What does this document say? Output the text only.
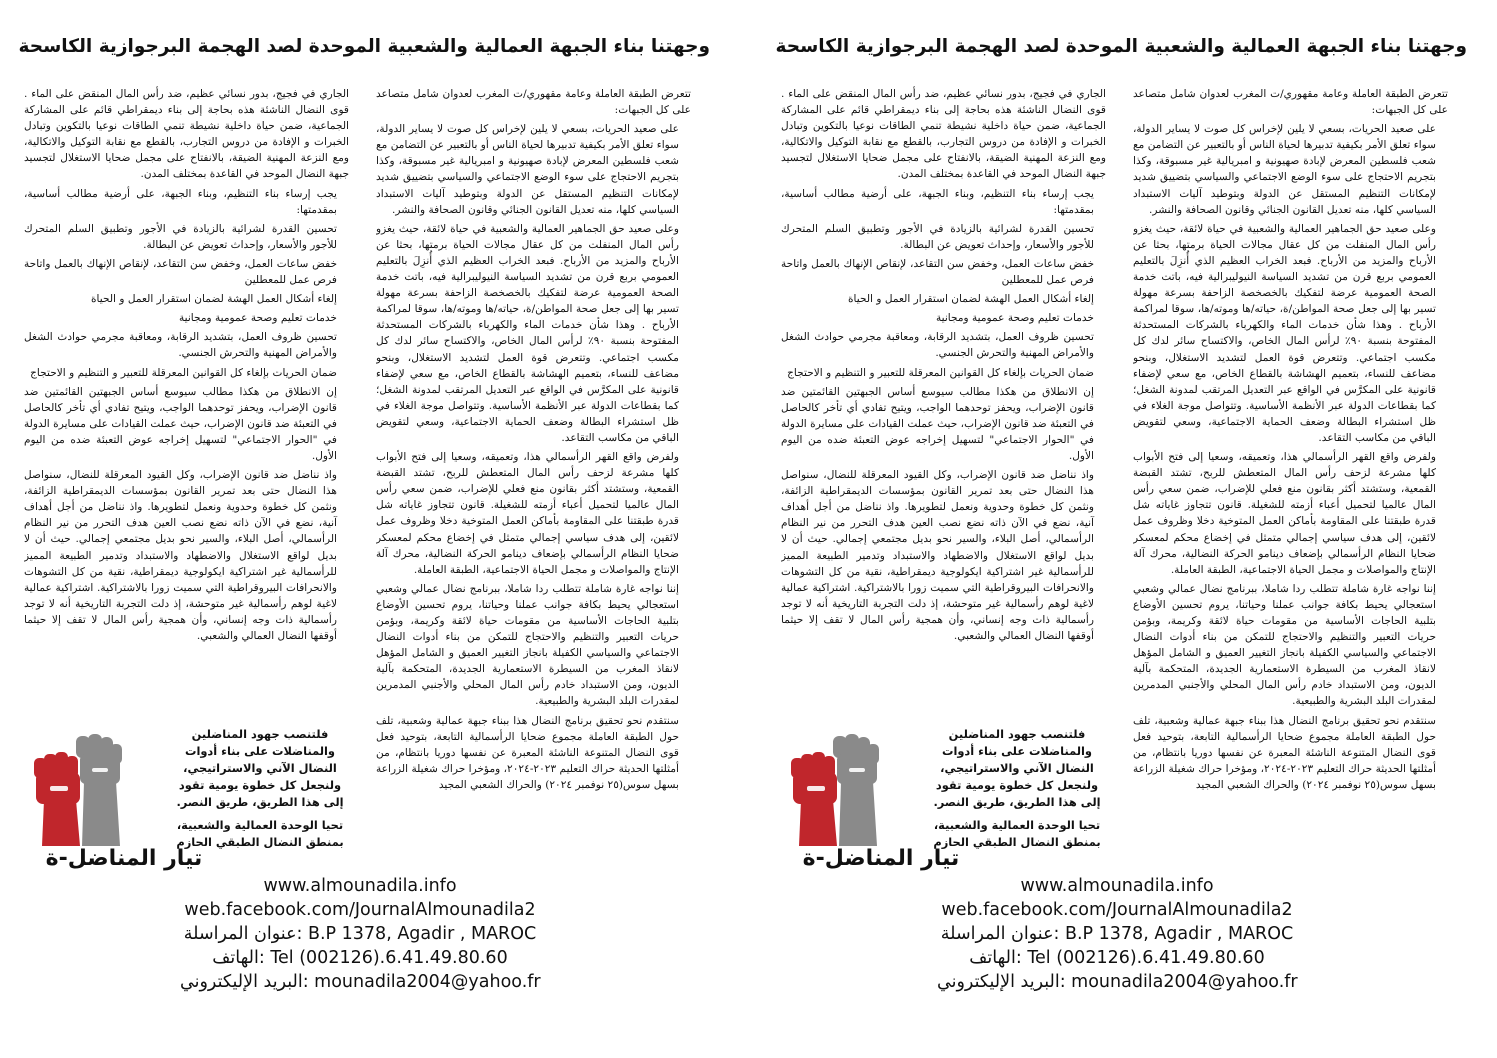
وجهتنا بناء الجبهة العمالية والشعبية الموحدة لصد الهجمة البرجوازية الكاسحة

تتعرض الطبقة العاملة وعامة مقهوري/ت المغرب لعدوان شامل متصاعد على كل الجبهات:

على صعيد الحريات، بسعي لا يلين لإخراس كل صوت لا يساير الدولة، سواء تعلق الأمر بكيفية تدبيرها لحياة الناس أو بالتعبير عن التضامن مع شعب فلسطين المعرض لإبادة صهيونية و امبريالية غير مسبوقة، وكذا بتجريم الاحتجاج على سوء الوضع الاجتماعي والسياسي بتضييق شديد لإمكانات التنظيم المستقل عن الدولة وبتوطيد آليات الاستبداد السياسي كلها، منه تعديل القانون الجنائي وقانون الصحافة والنشر.

وعلى صعيد حق الجماهير العمالية والشعبية في حياة لائقة، حيث يغزو رأس المال المنفلت من كل عقال مجالات الحياة برمتها، بحثا عن الأرباح والمزيد من الأرباح. فبعد الخراب العظيم الذي أُنزِلَ بالتعليم العمومي بربع قرن من تشديد السياسة النيوليبرالية فيه، باتت خدمة الصحة العمومية عرضة لتفكيك بالخصخصة الزاحفة بسرعة مهولة تسير بها إلى جعل صحة المواطن/ة، حياته/ها وموته/ها، سوقا لمراكمة الأرباح . وهذا شأن خدمات الماء والكهرباء بالشركات المستحدثة المفتوحة بنسبة ٩٠٪ لرأس المال الخاص، والاكتساح سائر لدك كل مكسب اجتماعي. وتتعرض قوة العمل لتشديد الاستغلال، وبنحو مضاعف للنساء، بتعميم الهشاشة بالقطاع الخاص، مع سعي لإضفاء قانونية على المكرَّس في الواقع عبر التعديل المرتقب لمدونة الشغل؛ كما بقطاعات الدولة عبر الأنظمة الأساسية. وتتواصل موجة الغلاء في ظل استشراء البطالة وضعف الحماية الاجتماعية، وسعي لتقويض الباقي من مكاسب التقاعد.

ولفرض واقع القهر الرأسمالي هذا، وتعميقه، وسعيا إلى فتح الأبواب كلها مشرعة لزحف رأس المال المتعطش للربح، تشتد القبضة القمعية، وستشتد أكثر بقانون منع فعلي للإضراب، ضمن سعي رأس المال عالميا لتحميل أعباء أزمته للشغيلة. قانون تتجاوز غاياته شل قدرة طبقتنا على المقاومة بأماكن العمل المتوخية دخلا وظروف عمل لائقين، إلى هدف سياسي إجمالي متمثل في إخضاع محكم لمعسكر ضحايا النظام الرأسمالي بإضعاف دينامو الحركة النضالية، محرك آلة الإنتاج والمواصلات و مجمل الحياة الاجتماعية، الطبقة العاملة.

إننا نواجه غارة شاملة تتطلب ردا شاملا، ببرنامج نضال عمالي وشعبي استعجالي يحيط بكافة جوانب عملنا وحياتنا، يروم تحسين الأوضاع بتلبية الحاجات الأساسية من مقومات حياة لائقة وكريمة، وبؤمن حريات التعبير والتنظيم والاحتجاج للتمكن من بناء أدوات النضال الاجتماعي والسياسي الكفيلة بانجاز التغيير العميق و الشامل المؤهل لانقاذ المغرب من السيطرة الاستعمارية الجديدة، المتحكمة بآلية الديون، ومن الاستبداد خادم رأس المال المحلي والأجنبي المدمرين لمقدرات البلد البشرية والطبيعية.

سنتقدم نحو تحقيق برنامج النضال هذا ببناء جبهة عمالية وشعبية، تلف حول الطبقة العاملة مجموع ضحايا الرأسمالية التابعة، بتوحيد فعل قوى النضال المتنوعة الناشئة المعبرة عن نفسها دوريا بانتظام، من أمثلتها الحديثة حراك التعليم ٢٠٢٣-٢٠٢٤، ومؤخرا حراك شغيلة الزراعة بسهل سوس(٢٥ نوفمبر ٢٠٢٤) والحراك الشعبي المجيد

الجاري في فجيج، بدور نسائي عظيم، ضد رأس المال المنقض على الماء . قوى النضال الناشئة هذه بحاجة إلى بناء ديمقراطي قائم على المشاركة الجماعية، ضمن حياة داخلية نشيطة تنمي الطاقات نوعيا بالتكوين وتبادل الخبرات و الإفادة من دروس التجارب، بالقطع مع نقابة التوكيل والاتكالية، ومع النزعة المهنية الضيقة، بالانفتاح على مجمل ضحايا الاستغلال لتجسيد جبهة النضال الموحد في القاعدة بمختلف المدن.

يجب إرساء بناء التنظيم، وبناء الجبهة، على أرضية مطالب أساسية، بمقدمتها:

تحسين القدرة لشرائية بالزيادة في الأجور وتطبيق السلم المتحرك للأجور والأسعار، وإحداث تعويض عن البطالة.

خفض ساعات العمل، وخفض سن التقاعد، لإنقاص الإنهاك بالعمل واتاحة فرص عمل للمعطلين

إلغاء أشكال العمل الهشة لضمان استقرار العمل و الحياة

خدمات تعليم وصحة عمومية ومجانية

تحسين ظروف العمل، بتشديد الرقابة، ومعاقبة مجرمي حوادث الشغل والأمراض المهنية والتحرش الجنسي.

ضمان الحريات بإلغاء كل القوانين المعرقلة للتعبير و التنظيم و الاحتجاج

إن الانطلاق من هكذا مطالب سيوسع أساس الجبهتين القائمتين ضد قانون الإضراب، ويحفز توحدهما الواجب، ويتيح تفادي أي تأخر كالحاصل في التعبئة ضد قانون الإضراب، حيث عملت القيادات على مسايرة الدولة في "الحوار الاجتماعي" لتسهيل إخراجه عوض التعبئة ضده من اليوم الأول.

واذ نناضل ضد قانون الإضراب، وكل القيود المعرقلة للنضال، سنواصل هذا النضال حتى بعد تمرير القانون بمؤسسات الديمقراطية الزائفة، ونثمن كل خطوة وحدوية ونعمل لتطويرها. واذ نناضل من أجل أهداف آنية، نضع في الآن ذاته نضع نصب العين هدف التحرر من نير النظام الرأسمالي، أصل البلاء، والسير نحو بديل مجتمعي إجمالي. حيث أن لا بديل لواقع الاستغلال والاضطهاد والاستبداد وتدمير الطبيعة المميز للرأسمالية غير اشتراكية ايكولوجية ديمقراطية، نقية من كل التشوهات والانحرافات البيروقراطية التي سميت زورا بالاشتراكية. اشتراكية عمالية لاغية لوهم رأسمالية غير متوحشة، إذ دلت التجربة التاريخية أنه لا توجد رأسمالية ذات وجه إنساني، وأن همجية رأس المال لا تقف إلا حيثما أوقفها النضال العمالي والشعبي.

فلتنصب جهود المناضلين

والمناضلات على بناء أدوات

النضال الآني والاستراتيجي،

ولنجعل كل خطوة يومية تقود

إلى هذا الطريق، طريق النصر.

تحيا الوحدة العمالية والشعبية،

بمنطق النضال الطبقي الحازم

تيار المناضل-ة
www.almounadila.info
web.facebook.com/JournalAlmounadila2
عنوان المراسلة: B.P 1378, Agadir , MAROC
الهاتف: Tel (002126).6.41.49.80.60
البريد الإليكتروني: mounadila2004@yahoo.fr
وجهتنا بناء الجبهة العمالية والشعبية الموحدة لصد الهجمة البرجوازية الكاسحة

تتعرض الطبقة العاملة وعامة مقهوري/ت المغرب لعدوان شامل متصاعد على كل الجبهات:

على صعيد الحريات، بسعي لا يلين لإخراس كل صوت لا يساير الدولة، سواء تعلق الأمر بكيفية تدبيرها لحياة الناس أو بالتعبير عن التضامن مع شعب فلسطين المعرض لإبادة صهيونية و امبريالية غير مسبوقة، وكذا بتجريم الاحتجاج على سوء الوضع الاجتماعي والسياسي بتضييق شديد لإمكانات التنظيم المستقل عن الدولة وبتوطيد آليات الاستبداد السياسي كلها، منه تعديل القانون الجنائي وقانون الصحافة والنشر.

وعلى صعيد حق الجماهير العمالية والشعبية في حياة لائقة، حيث يغزو رأس المال المنفلت من كل عقال مجالات الحياة برمتها، بحثا عن الأرباح والمزيد من الأرباح. فبعد الخراب العظيم الذي أُنزِلَ بالتعليم العمومي بربع قرن من تشديد السياسة النيوليبرالية فيه، باتت خدمة الصحة العمومية عرضة لتفكيك بالخصخصة الزاحفة بسرعة مهولة تسير بها إلى جعل صحة المواطن/ة، حياته/ها وموته/ها، سوقا لمراكمة الأرباح . وهذا شأن خدمات الماء والكهرباء بالشركات المستحدثة المفتوحة بنسبة ٩٠٪ لرأس المال الخاص، والاكتساح سائر لدك كل مكسب اجتماعي. وتتعرض قوة العمل لتشديد الاستغلال، وبنحو مضاعف للنساء، بتعميم الهشاشة بالقطاع الخاص، مع سعي لإضفاء قانونية على المكرَّس في الواقع عبر التعديل المرتقب لمدونة الشغل؛ كما بقطاعات الدولة عبر الأنظمة الأساسية. وتتواصل موجة الغلاء في ظل استشراء البطالة وضعف الحماية الاجتماعية، وسعي لتقويض الباقي من مكاسب التقاعد.

ولفرض واقع القهر الرأسمالي هذا، وتعميقه، وسعيا إلى فتح الأبواب كلها مشرعة لزحف رأس المال المتعطش للربح، تشتد القبضة القمعية، وستشتد أكثر بقانون منع فعلي للإضراب، ضمن سعي رأس المال عالميا لتحميل أعباء أزمته للشغيلة. قانون تتجاوز غاياته شل قدرة طبقتنا على المقاومة بأماكن العمل المتوخية دخلا وظروف عمل لائقين، إلى هدف سياسي إجمالي متمثل في إخضاع محكم لمعسكر ضحايا النظام الرأسمالي بإضعاف دينامو الحركة النضالية، محرك آلة الإنتاج والمواصلات و مجمل الحياة الاجتماعية، الطبقة العاملة.

إننا نواجه غارة شاملة تتطلب ردا شاملا، ببرنامج نضال عمالي وشعبي استعجالي يحيط بكافة جوانب عملنا وحياتنا، يروم تحسين الأوضاع بتلبية الحاجات الأساسية من مقومات حياة لائقة وكريمة، وبؤمن حريات التعبير والتنظيم والاحتجاج للتمكن من بناء أدوات النضال الاجتماعي والسياسي الكفيلة بانجاز التغيير العميق و الشامل المؤهل لانقاذ المغرب من السيطرة الاستعمارية الجديدة، المتحكمة بآلية الديون، ومن الاستبداد خادم رأس المال المحلي والأجنبي المدمرين لمقدرات البلد البشرية والطبيعية.

سنتقدم نحو تحقيق برنامج النضال هذا ببناء جبهة عمالية وشعبية، تلف حول الطبقة العاملة مجموع ضحايا الرأسمالية التابعة، بتوحيد فعل قوى النضال المتنوعة الناشئة المعبرة عن نفسها دوريا بانتظام، من أمثلتها الحديثة حراك التعليم ٢٠٢٣-٢٠٢٤، ومؤخرا حراك شغيلة الزراعة بسهل سوس(٢٥ نوفمبر ٢٠٢٤) والحراك الشعبي المجيد

الجاري في فجيج، بدور نسائي عظيم، ضد رأس المال المنقض على الماء . قوى النضال الناشئة هذه بحاجة إلى بناء ديمقراطي قائم على المشاركة الجماعية، ضمن حياة داخلية نشيطة تنمي الطاقات نوعيا بالتكوين وتبادل الخبرات و الإفادة من دروس التجارب، بالقطع مع نقابة التوكيل والاتكالية، ومع النزعة المهنية الضيقة، بالانفتاح على مجمل ضحايا الاستغلال لتجسيد جبهة النضال الموحد في القاعدة بمختلف المدن.

يجب إرساء بناء التنظيم، وبناء الجبهة، على أرضية مطالب أساسية، بمقدمتها:

تحسين القدرة لشرائية بالزيادة في الأجور وتطبيق السلم المتحرك للأجور والأسعار، وإحداث تعويض عن البطالة.

خفض ساعات العمل، وخفض سن التقاعد، لإنقاص الإنهاك بالعمل واتاحة فرص عمل للمعطلين

إلغاء أشكال العمل الهشة لضمان استقرار العمل و الحياة

خدمات تعليم وصحة عمومية ومجانية

تحسين ظروف العمل، بتشديد الرقابة، ومعاقبة مجرمي حوادث الشغل والأمراض المهنية والتحرش الجنسي.

ضمان الحريات بإلغاء كل القوانين المعرقلة للتعبير و التنظيم و الاحتجاج

إن الانطلاق من هكذا مطالب سيوسع أساس الجبهتين القائمتين ضد قانون الإضراب، ويحفز توحدهما الواجب، ويتيح تفادي أي تأخر كالحاصل في التعبئة ضد قانون الإضراب، حيث عملت القيادات على مسايرة الدولة في "الحوار الاجتماعي" لتسهيل إخراجه عوض التعبئة ضده من اليوم الأول.

واذ نناضل ضد قانون الإضراب، وكل القيود المعرقلة للنضال، سنواصل هذا النضال حتى بعد تمرير القانون بمؤسسات الديمقراطية الزائفة، ونثمن كل خطوة وحدوية ونعمل لتطويرها. واذ نناضل من أجل أهداف آنية، نضع في الآن ذاته نضع نصب العين هدف التحرر من نير النظام الرأسمالي، أصل البلاء، والسير نحو بديل مجتمعي إجمالي. حيث أن لا بديل لواقع الاستغلال والاضطهاد والاستبداد وتدمير الطبيعة المميز للرأسمالية غير اشتراكية ايكولوجية ديمقراطية، نقية من كل التشوهات والانحرافات البيروقراطية التي سميت زورا بالاشتراكية. اشتراكية عمالية لاغية لوهم رأسمالية غير متوحشة، إذ دلت التجربة التاريخية أنه لا توجد رأسمالية ذات وجه إنساني، وأن همجية رأس المال لا تقف إلا حيثما أوقفها النضال العمالي والشعبي.

فلتنصب جهود المناضلين

والمناضلات على بناء أدوات

النضال الآني والاستراتيجي،

ولنجعل كل خطوة يومية تقود

إلى هذا الطريق، طريق النصر.

تحيا الوحدة العمالية والشعبية،

بمنطق النضال الطبقي الحازم

تيار المناضل-ة
www.almounadila.info
web.facebook.com/JournalAlmounadila2
عنوان المراسلة: B.P 1378, Agadir , MAROC
الهاتف: Tel (002126).6.41.49.80.60
البريد الإليكتروني: mounadila2004@yahoo.fr
